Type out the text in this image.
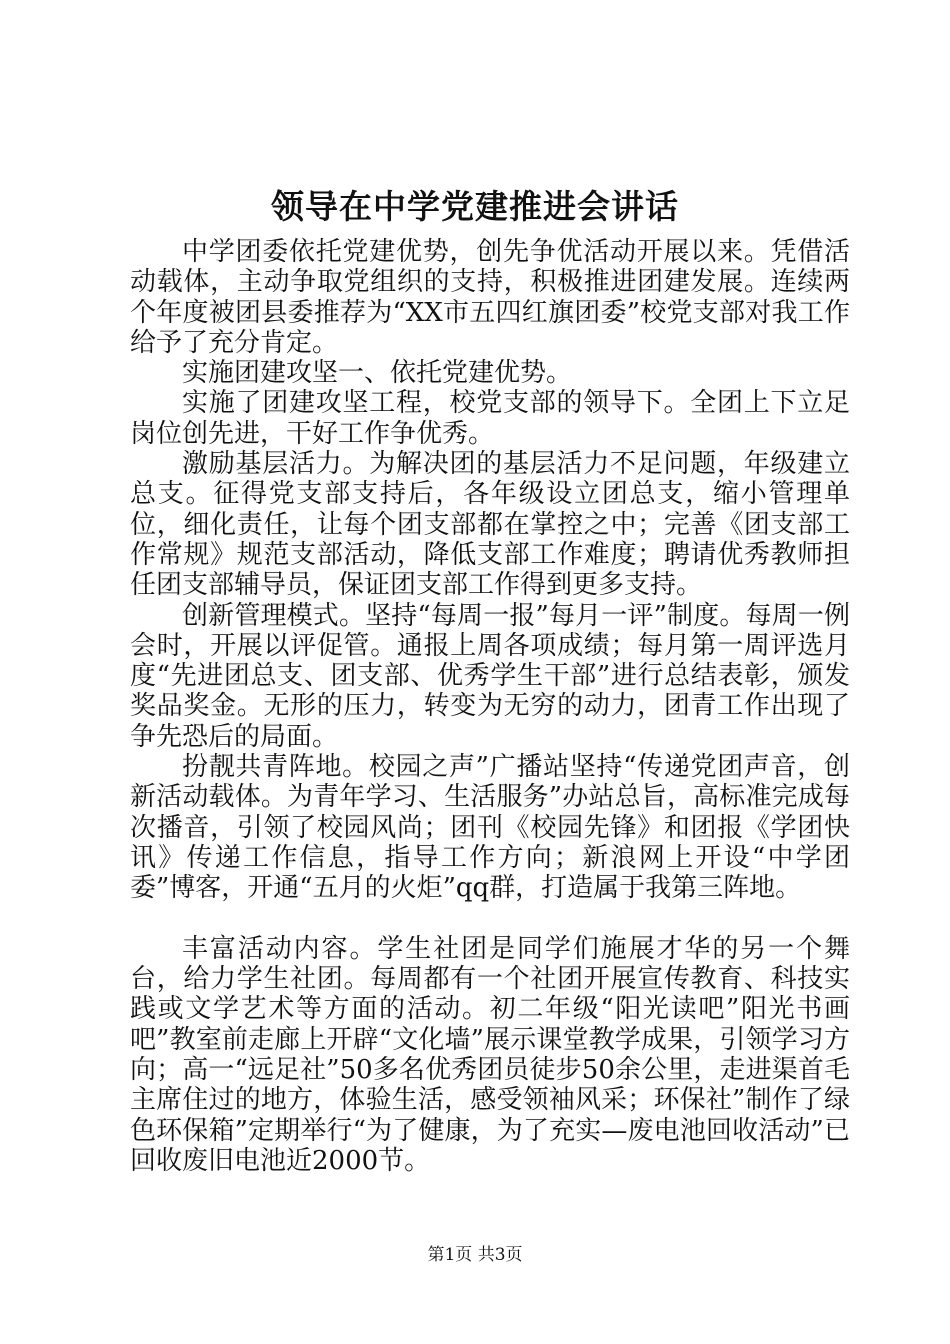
领导在中学党建推进会讲话

中学团委依托党建优势，创先争优活动开展以来。凭借活动载体，主动争取党组织的支持，积极推进团建发展。连续两个年度被团县委推荐为“XX市五四红旗团委”校党支部对我工作给予了充分肯定。

实施团建攻坚一、依托党建优势。

实施了团建攻坚工程，校党支部的领导下。全团上下立足岗位创先进，干好工作争优秀。

激励基层活力。为解决团的基层活力不足问题，年级建立总支。征得党支部支持后，各年级设立团总支，缩小管理单位，细化责任，让每个团支部都在掌控之中；完善《团支部工作常规》规范支部活动，降低支部工作难度；聘请优秀教师担任团支部辅导员，保证团支部工作得到更多支持。

创新管理模式。坚持“每周一报”每月一评”制度。每周一例会时，开展以评促管。通报上周各项成绩；每月第一周评选月度“先进团总支、团支部、优秀学生干部”进行总结表彰，颁发奖品奖金。无形的压力，转变为无穷的动力，团青工作出现了争先恐后的局面。

扮靓共青阵地。校园之声”广播站坚持“传递党团声音，创新活动载体。为青年学习、生活服务”办站总旨，高标准完成每次播音，引领了校园风尚；团刊《校园先锋》和团报《学团快讯》传递工作信息，指导工作方向；新浪网上开设“中学团委”博客，开通“五月的火炬”qq群，打造属于我第三阵地。

丰富活动内容。学生社团是同学们施展才华的另一个舞台，给力学生社团。每周都有一个社团开展宣传教育、科技实践或文学艺术等方面的活动。初二年级“阳光读吧”阳光书画吧”教室前走廊上开辟“文化墙”展示课堂教学成果，引领学习方向；高一“远足社”50多名优秀团员徒步50余公里，走进渠首毛主席住过的地方，体验生活，感受领袖风采；环保社”制作了绿色环保箱”定期举行“为了健康，为了充实—废电池回收活动”已回收废旧电池近2000节。

第1页 共3页
